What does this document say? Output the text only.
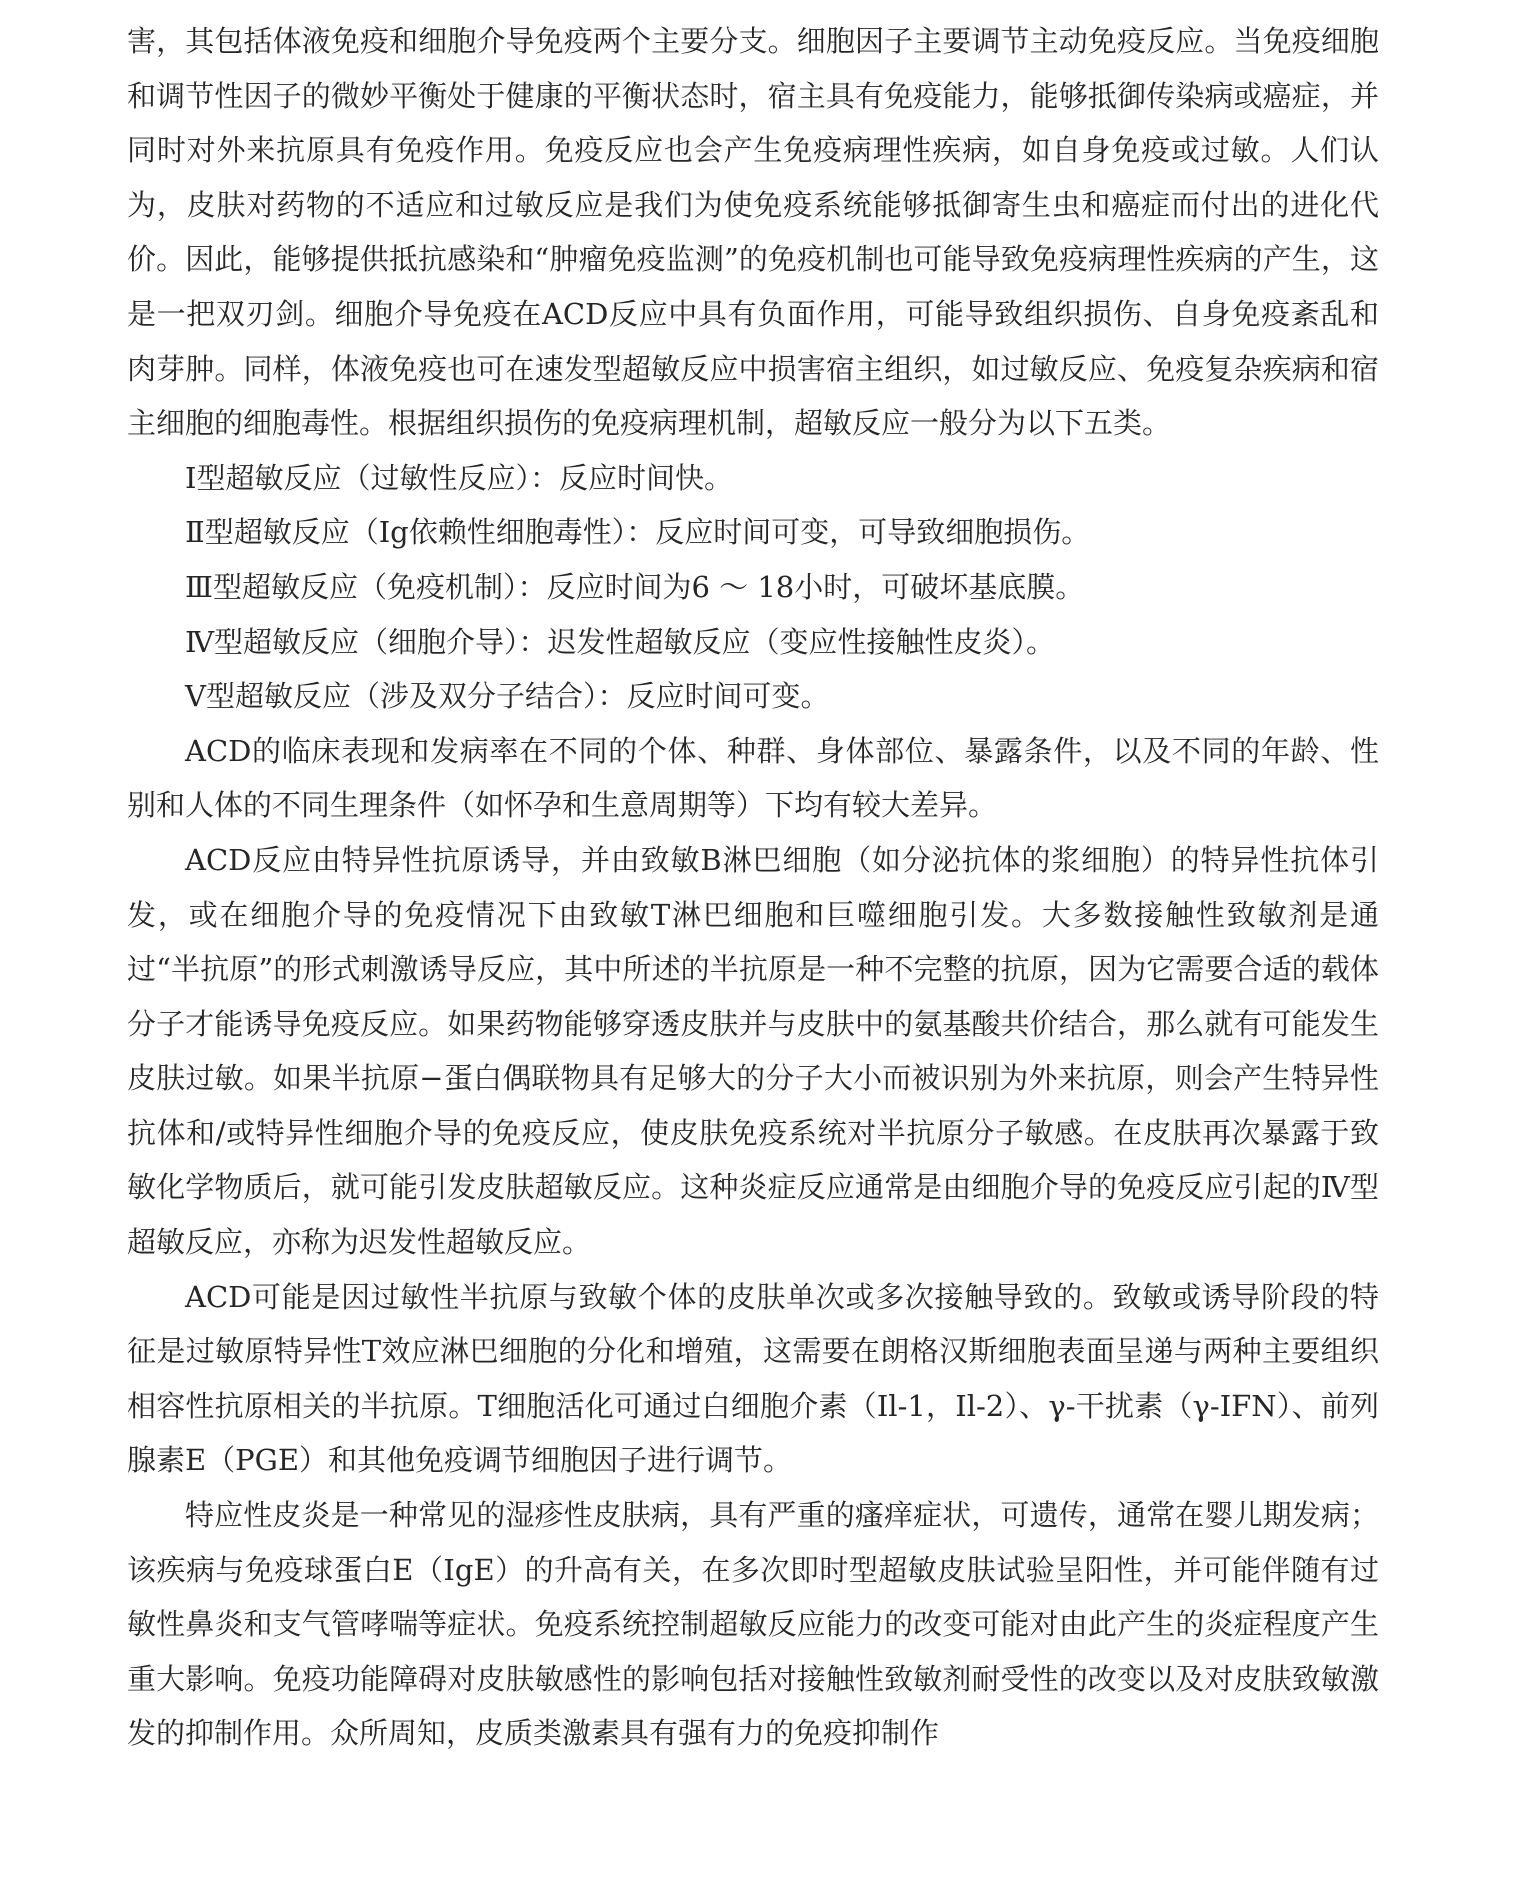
害，其包括体液免疫和细胞介导免疫两个主要分支。细胞因子主要调节主动免疫反应。当免疫细胞和调节性因子的微妙平衡处于健康的平衡状态时，宿主具有免疫能力，能够抵御传染病或癌症，并同时对外来抗原具有免疫作用。免疫反应也会产生免疫病理性疾病，如自身免疫或过敏。人们认为，皮肤对药物的不适应和过敏反应是我们为使免疫系统能够抵御寄生虫和癌症而付出的进化代价。因此，能够提供抵抗感染和“肿瘤免疫监测”的免疫机制也可能导致免疫病理性疾病的产生，这是一把双刃剑。细胞介导免疫在ACD反应中具有负面作用，可能导致组织损伤、自身免疫紊乱和肉芽肿。同样，体液免疫也可在速发型超敏反应中损害宿主组织，如过敏反应、免疫复杂疾病和宿主细胞的细胞毒性。根据组织损伤的免疫病理机制，超敏反应一般分为以下五类。

Ⅰ型超敏反应（过敏性反应）：反应时间快。

Ⅱ型超敏反应（Ig依赖性细胞毒性）：反应时间可变，可导致细胞损伤。

Ⅲ型超敏反应（免疫机制）：反应时间为6 ～ 18小时，可破坏基底膜。

Ⅳ型超敏反应（细胞介导）：迟发性超敏反应（变应性接触性皮炎）。

Ⅴ型超敏反应（涉及双分子结合）：反应时间可变。

ACD的临床表现和发病率在不同的个体、种群、身体部位、暴露条件，以及不同的年龄、性别和人体的不同生理条件（如怀孕和生意周期等）下均有较大差异。

ACD反应由特异性抗原诱导，并由致敏B淋巴细胞（如分泌抗体的浆细胞）的特异性抗体引发，或在细胞介导的免疫情况下由致敏T淋巴细胞和巨噬细胞引发。大多数接触性致敏剂是通过“半抗原”的形式刺激诱导反应，其中所述的半抗原是一种不完整的抗原，因为它需要合适的载体分子才能诱导免疫反应。如果药物能够穿透皮肤并与皮肤中的氨基酸共价结合，那么就有可能发生皮肤过敏。如果半抗原−蛋白偶联物具有足够大的分子大小而被识别为外来抗原，则会产生特异性抗体和/或特异性细胞介导的免疫反应，使皮肤免疫系统对半抗原分子敏感。在皮肤再次暴露于致敏化学物质后，就可能引发皮肤超敏反应。这种炎症反应通常是由细胞介导的免疫反应引起的Ⅳ型超敏反应，亦称为迟发性超敏反应。

ACD可能是因过敏性半抗原与致敏个体的皮肤单次或多次接触导致的。致敏或诱导阶段的特征是过敏原特异性T效应淋巴细胞的分化和增殖，这需要在朗格汉斯细胞表面呈递与两种主要组织相容性抗原相关的半抗原。T细胞活化可通过白细胞介素（Il-1，Il-2）、γ-干扰素（γ-IFN）、前列腺素E（PGE）和其他免疫调节细胞因子进行调节。

特应性皮炎是一种常见的湿疹性皮肤病，具有严重的瘙痒症状，可遗传，通常在婴儿期发病；该疾病与免疫球蛋白E（IgE）的升高有关，在多次即时型超敏皮肤试验呈阳性，并可能伴随有过敏性鼻炎和支气管哮喘等症状。免疫系统控制超敏反应能力的改变可能对由此产生的炎症程度产生重大影响。免疫功能障碍对皮肤敏感性的影响包括对接触性致敏剂耐受性的改变以及对皮肤致敏激发的抑制作用。众所周知，皮质类激素具有强有力的免疫抑制作
